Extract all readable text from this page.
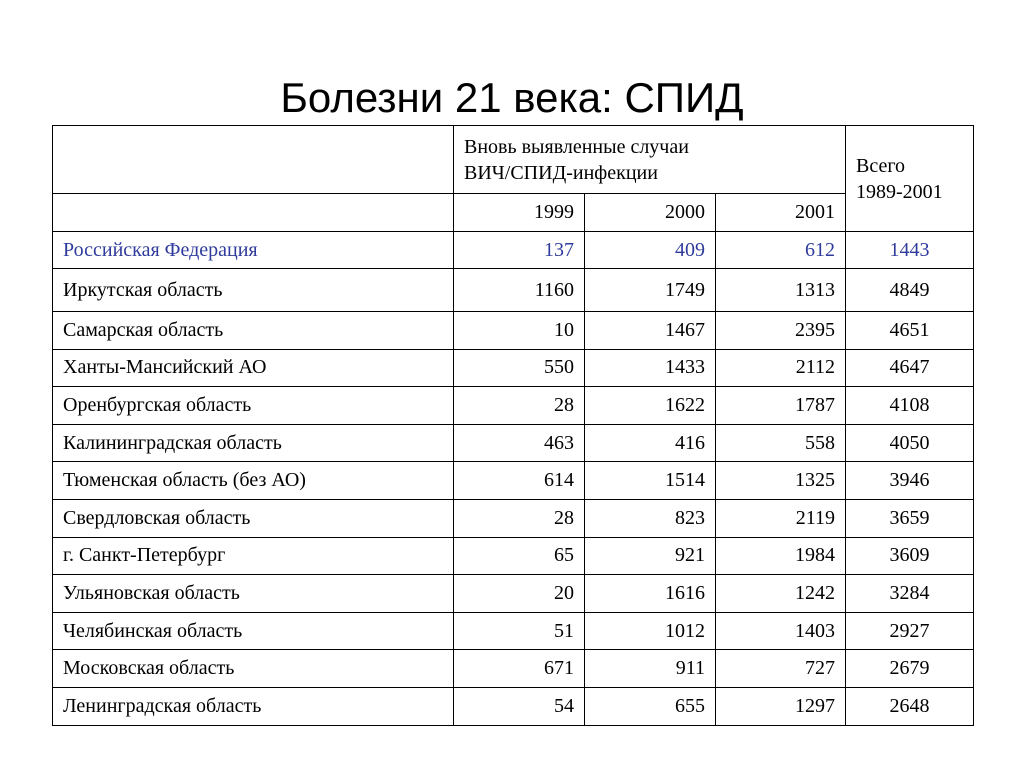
Болезни 21 века: СПИД
	Вновь выявленные случаи
ВИЧ/СПИД-инфекции			Всего
1989-2001
	1999	2000	2001	
Российская Федерация	137	409	612	1443
Иркутская область	1160	1749	1313	4849
Самарская область	10	1467	2395	4651
Ханты-Мансийский АО	550	1433	2112	4647
Оренбургская область	28	1622	1787	4108
Калининградская область	463	416	558	4050
Тюменская область (без АО)	614	1514	1325	3946
Свердловская область	28	823	2119	3659
г. Санкт-Петербург	65	921	1984	3609
Ульяновская область	20	1616	1242	3284
Челябинская область	51	1012	1403	2927
Московская область	671	911	727	2679
Ленинградская область	54	655	1297	2648
